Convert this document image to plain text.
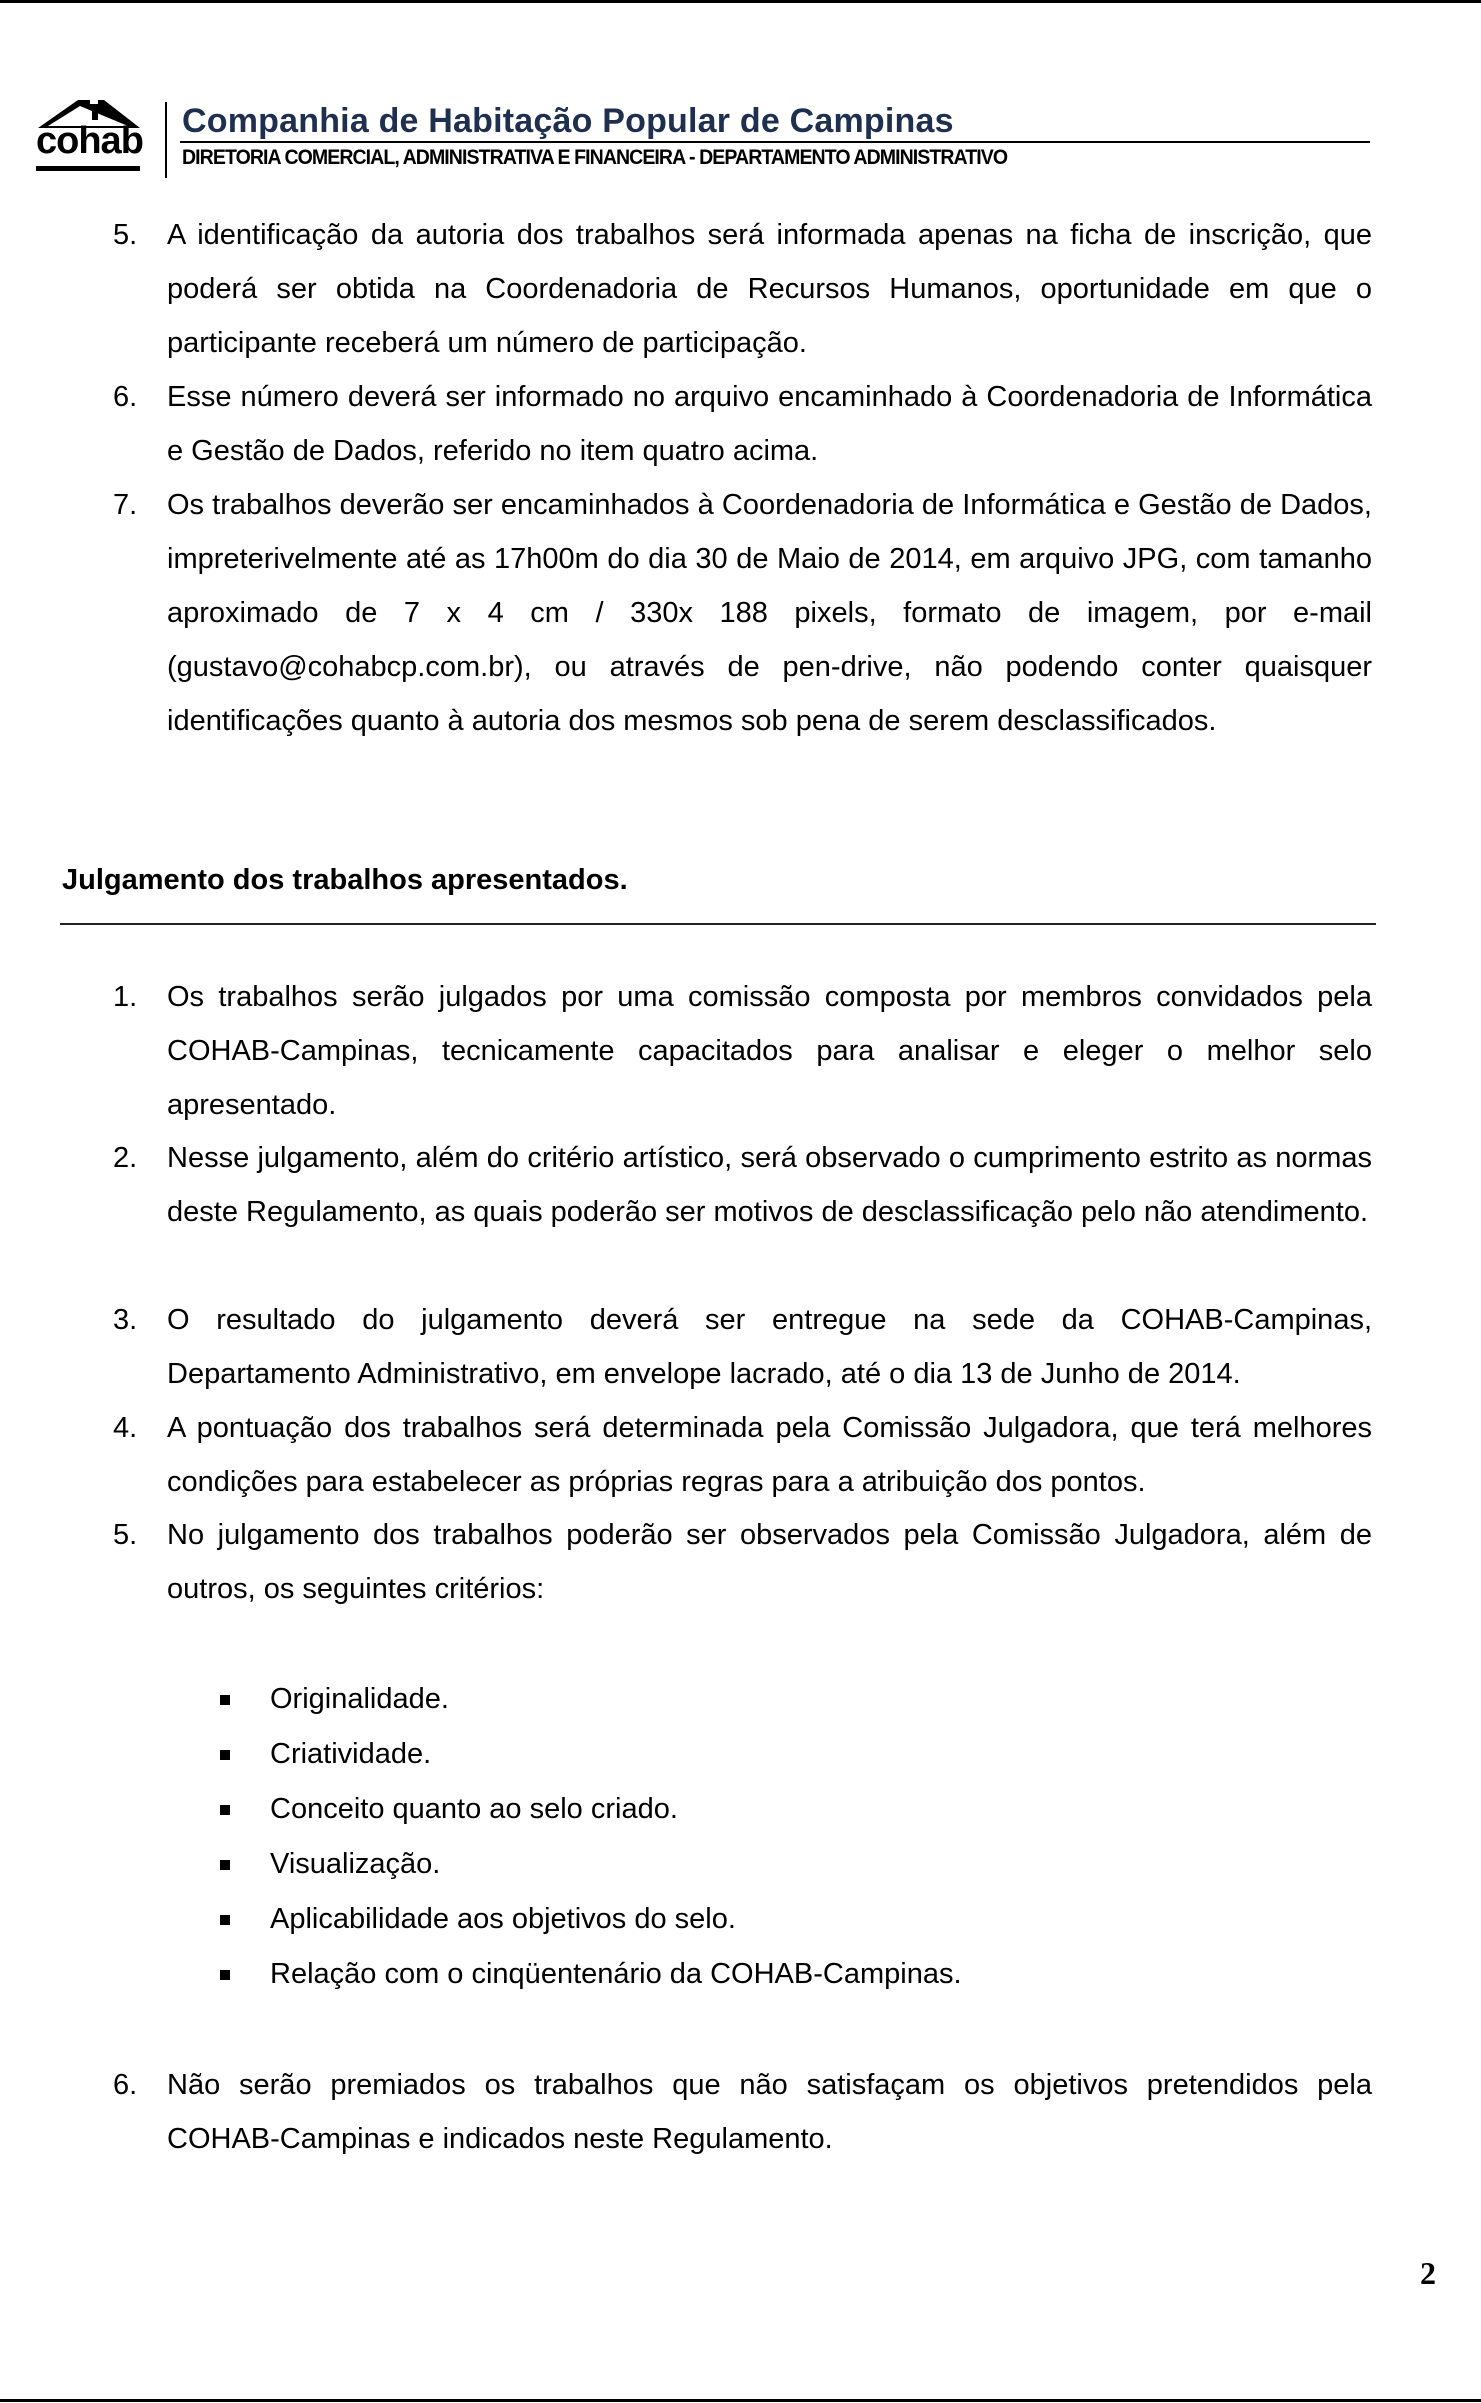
cohab Companhia de Habitação Popular de Campinas
DIRETORIA COMERCIAL, ADMINISTRATIVA E FINANCEIRA - DEPARTAMENTO ADMINISTRATIVO
5.	A identificação da autoria dos trabalhos será informada apenas na ficha de inscrição, que poderá ser obtida na Coordenadoria de Recursos Humanos, oportunidade em que o participante receberá um número de participação.
6.	Esse número deverá ser informado no arquivo encaminhado à Coordenadoria de Informática e Gestão de Dados, referido no item quatro acima.
7.	Os trabalhos deverão ser encaminhados à Coordenadoria de Informática e Gestão de Dados, impreterivelmente até as 17h00m do dia 30 de Maio de 2014, em arquivo JPG, com tamanho aproximado de 7 x 4 cm / 330x 188 pixels, formato de imagem, por e-mail (gustavo@cohabcp.com.br), ou através de pen-drive, não podendo conter quaisquer identificações quanto à autoria dos mesmos sob pena de serem desclassificados.
Julgamento dos trabalhos apresentados.
1.	Os trabalhos serão julgados por uma comissão composta por membros convidados pela COHAB-Campinas, tecnicamente capacitados para analisar e eleger o melhor selo apresentado.
2.	Nesse julgamento, além do critério artístico, será observado o cumprimento estrito as normas deste Regulamento, as quais poderão ser motivos de desclassificação pelo não atendimento.
3.	O resultado do julgamento deverá ser entregue na sede da COHAB-Campinas, Departamento Administrativo, em envelope lacrado, até o dia 13 de Junho de 2014.
4.	A pontuação dos trabalhos será determinada pela Comissão Julgadora, que terá melhores condições para estabelecer as próprias regras para a atribuição dos pontos.
5.	No julgamento dos trabalhos poderão ser observados pela Comissão Julgadora, além de outros, os seguintes critérios:
Originalidade.
Criatividade.
Conceito quanto ao selo criado.
Visualização.
Aplicabilidade aos objetivos do selo.
Relação com o cinqüentenário da COHAB-Campinas.
6.	Não serão premiados os trabalhos que não satisfaçam os objetivos pretendidos pela COHAB-Campinas e indicados neste Regulamento.
2
